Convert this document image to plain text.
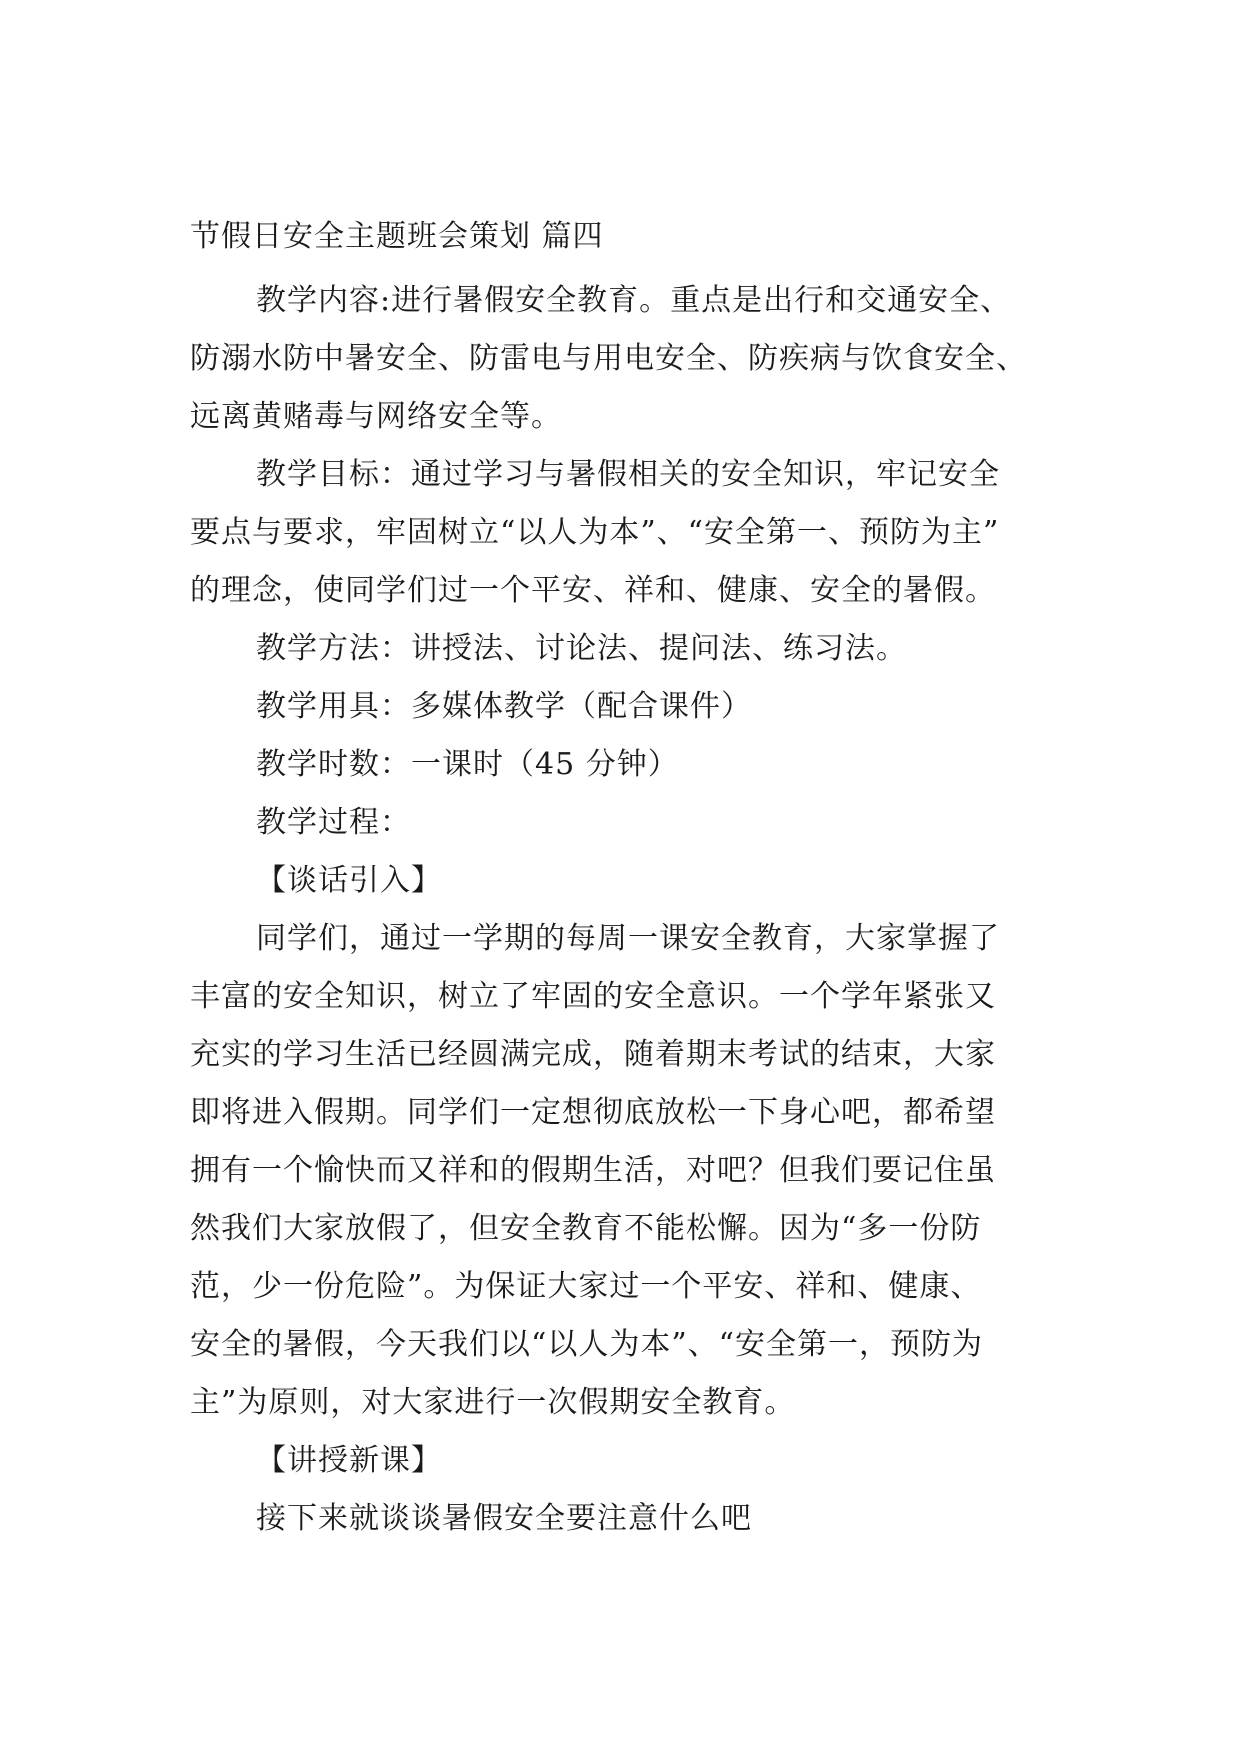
节假日安全主题班会策划 篇四
教学内容:进行暑假安全教育。重点是出行和交通安全、
防溺水防中暑安全、防雷电与用电安全、防疾病与饮食安全、
远离黄赌毒与网络安全等。
教学目标：通过学习与暑假相关的安全知识，牢记安全
要点与要求，牢固树立“以人为本”、“安全第一、预防为主”
的理念，使同学们过一个平安、祥和、健康、安全的暑假。
教学方法：讲授法、讨论法、提问法、练习法。
教学用具：多媒体教学（配合课件）
教学时数：一课时（45 分钟）
教学过程：
【谈话引入】
同学们，通过一学期的每周一课安全教育，大家掌握了
丰富的安全知识，树立了牢固的安全意识。一个学年紧张又
充实的学习生活已经圆满完成，随着期末考试的结束，大家
即将进入假期。同学们一定想彻底放松一下身心吧，都希望
拥有一个愉快而又祥和的假期生活，对吧？但我们要记住虽
然我们大家放假了，但安全教育不能松懈。因为“多一份防
范，少一份危险”。为保证大家过一个平安、祥和、健康、
安全的暑假，今天我们以“以人为本”、“安全第一，预防为
主”为原则，对大家进行一次假期安全教育。
【讲授新课】
接下来就谈谈暑假安全要注意什么吧
